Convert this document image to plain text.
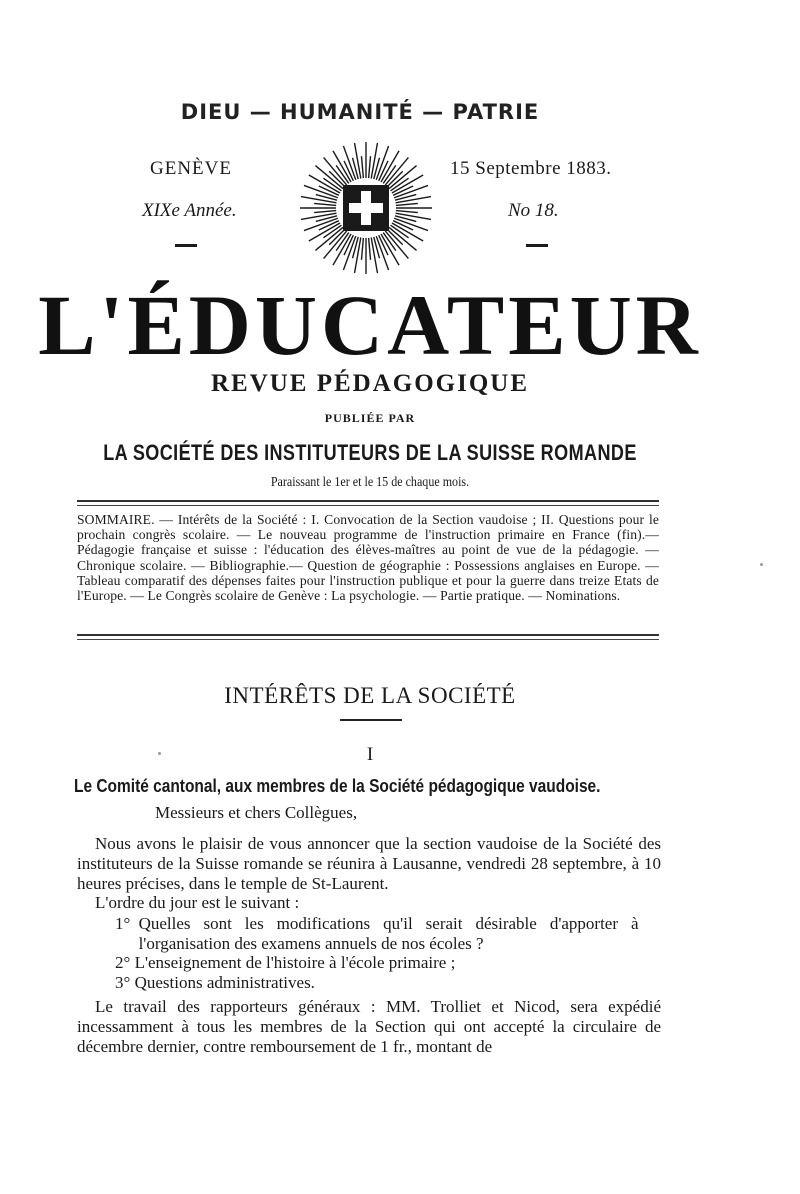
DIEU — HUMANITÉ — PATRIE
GENÈVE	15 Septembre 1883.
XIXe Année.	No 18.
L'ÉDUCATEUR
REVUE PÉDAGOGIQUE
PUBLIÉE PAR
LA SOCIÉTÉ DES INSTITUTEURS DE LA SUISSE ROMANDE
Paraissant le 1er et le 15 de chaque mois.
SOMMAIRE. — Intérêts de la Société : I. Convocation de la Section vaudoise ; II. Questions pour le prochain congrès scolaire. — Le nouveau programme de l'instruction primaire en France (fin).— Pédagogie française et suisse : l'éducation des élèves-maîtres au point de vue de la pédagogie. — Chronique scolaire. — Bibliographie.— Question de géographie : Possessions anglaises en Europe. — Tableau comparatif des dépenses faites pour l'instruction publique et pour la guerre dans treize Etats de l'Europe. — Le Congrès scolaire de Genève : La psychologie. — Partie pratique. — Nominations.
INTÉRÊTS DE LA SOCIÉTÉ
I
Le Comité cantonal, aux membres de la Société pédagogique vaudoise.
Messieurs et chers Collègues,
Nous avons le plaisir de vous annoncer que la section vaudoise de la Société des instituteurs de la Suisse romande se réunira à Lausanne, vendredi 28 septembre, à 10 heures précises, dans le temple de St-Laurent.
L'ordre du jour est le suivant :
1° Quelles sont les modifications qu'il serait désirable d'apporter à l'organisation des examens annuels de nos écoles ?
2° L'enseignement de l'histoire à l'école primaire ;
3° Questions administratives.
Le travail des rapporteurs généraux : MM. Trolliet et Nicod, sera expédié incessamment à tous les membres de la Section qui ont accepté la circulaire de décembre dernier, contre remboursement de 1 fr., montant de
